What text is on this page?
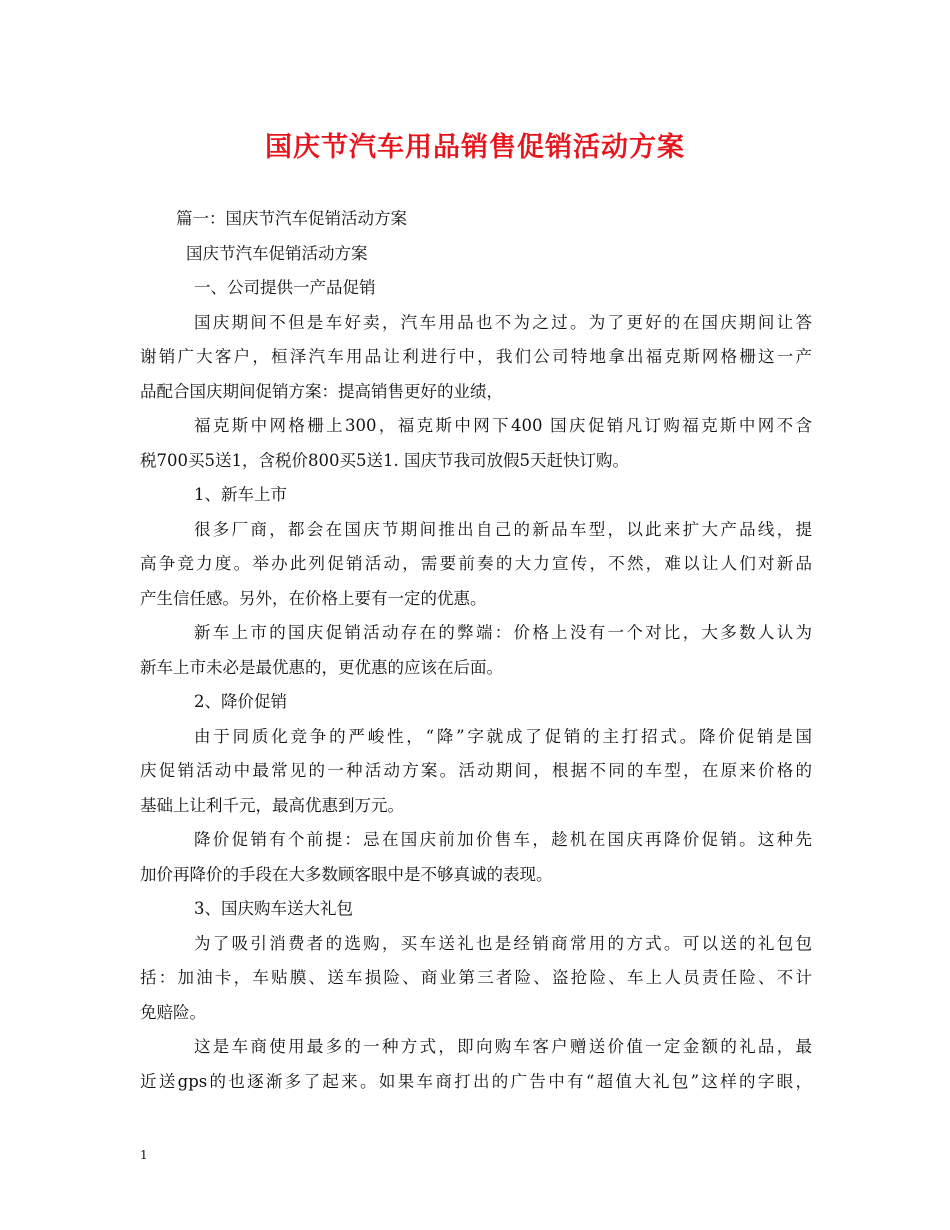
国庆节汽车用品销售促销活动方案
篇一：国庆节汽车促销活动方案
国庆节汽车促销活动方案
一、公司提供一产品促销
国庆期间不但是车好卖，汽车用品也不为之过。为了更好的在国庆期间让答
谢销广大客户，桓泽汽车用品让利进行中，我们公司特地拿出福克斯网格栅这一产
品配合国庆期间促销方案：提高销售更好的业绩，
福克斯中网格栅上300，福克斯中网下400 国庆促销凡订购福克斯中网不含
税700买5送1，含税价800买5送1. 国庆节我司放假5天赶快订购。
1、新车上市
很多厂商，都会在国庆节期间推出自己的新品车型，以此来扩大产品线，提
高争竞力度。举办此列促销活动，需要前奏的大力宣传，不然，难以让人们对新品
产生信任感。另外，在价格上要有一定的优惠。
新车上市的国庆促销活动存在的弊端：价格上没有一个对比，大多数人认为
新车上市未必是最优惠的，更优惠的应该在后面。
2、降价促销
由于同质化竞争的严峻性，“降”字就成了促销的主打招式。降价促销是国
庆促销活动中最常见的一种活动方案。活动期间，根据不同的车型，在原来价格的
基础上让利千元，最高优惠到万元。
降价促销有个前提：忌在国庆前加价售车，趁机在国庆再降价促销。这种先
加价再降价的手段在大多数顾客眼中是不够真诚的表现。
3、国庆购车送大礼包
为了吸引消费者的选购，买车送礼也是经销商常用的方式。可以送的礼包包
括：加油卡，车贴膜、送车损险、商业第三者险、盗抢险、车上人员责任险、不计
免赔险。
这是车商使用最多的一种方式，即向购车客户赠送价值一定金额的礼品，最
近送gps的也逐渐多了起来。如果车商打出的广告中有“超值大礼包”这样的字眼，
1
